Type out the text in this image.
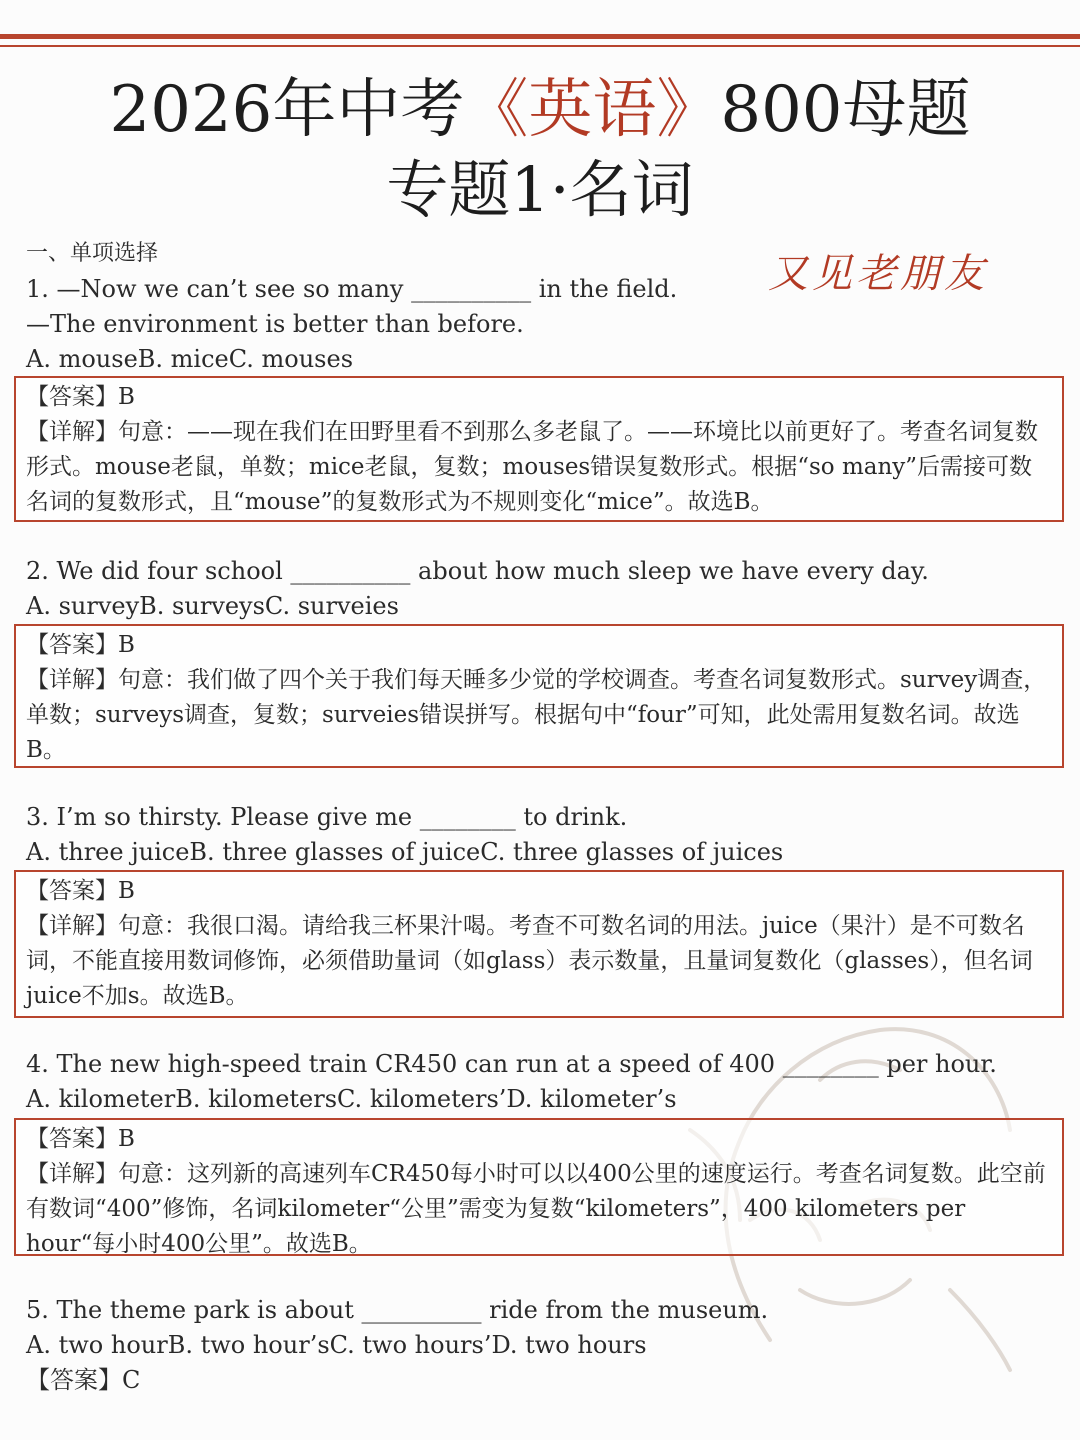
2026年中考《英语》800母题
专题1·名词
又见老朋友
一、单项选择
1. —Now we can’t see so many __________ in the field.
—The environment is better than before.
A. mouseB. miceC. mouses

【答案】B

【详解】句意：——现在我们在田野里看不到那么多老鼠了。——环境比以前更好了。考查名词复数形式。mouse老鼠，单数；mice老鼠，复数；mouses错误复数形式。根据“so many”后需接可数名词的复数形式，且“mouse”的复数形式为不规则变化“mice”。故选B。

2. We did four school __________ about how much sleep we have every day.
A. surveyB. surveysC. surveies

【答案】B

【详解】句意：我们做了四个关于我们每天睡多少觉的学校调查。考查名词复数形式。survey调查，单数；surveys调查，复数；surveies错误拼写。根据句中“four”可知，此处需用复数名词。故选B。

3. I’m so thirsty. Please give me ________ to drink.
A. three juiceB. three glasses of juiceC. three glasses of juices

【答案】B

【详解】句意：我很口渴。请给我三杯果汁喝。考查不可数名词的用法。juice（果汁）是不可数名词，不能直接用数词修饰，必须借助量词（如glass）表示数量，且量词复数化（glasses），但名词juice不加s。故选B。

4. The new high-speed train CR450 can run at a speed of 400 ________ per hour.
A. kilometerB. kilometersC. kilometers’D. kilometer’s

【答案】B

【详解】句意：这列新的高速列车CR450每小时可以以400公里的速度运行。考查名词复数。此空前有数词“400”修饰，名词kilometer“公里”需变为复数“kilometers”，400 kilometers per hour“每小时400公里”。故选B。

5. The theme park is about __________ ride from the museum.
A. two hourB. two hour’sC. two hours’D. two hours
【答案】C
